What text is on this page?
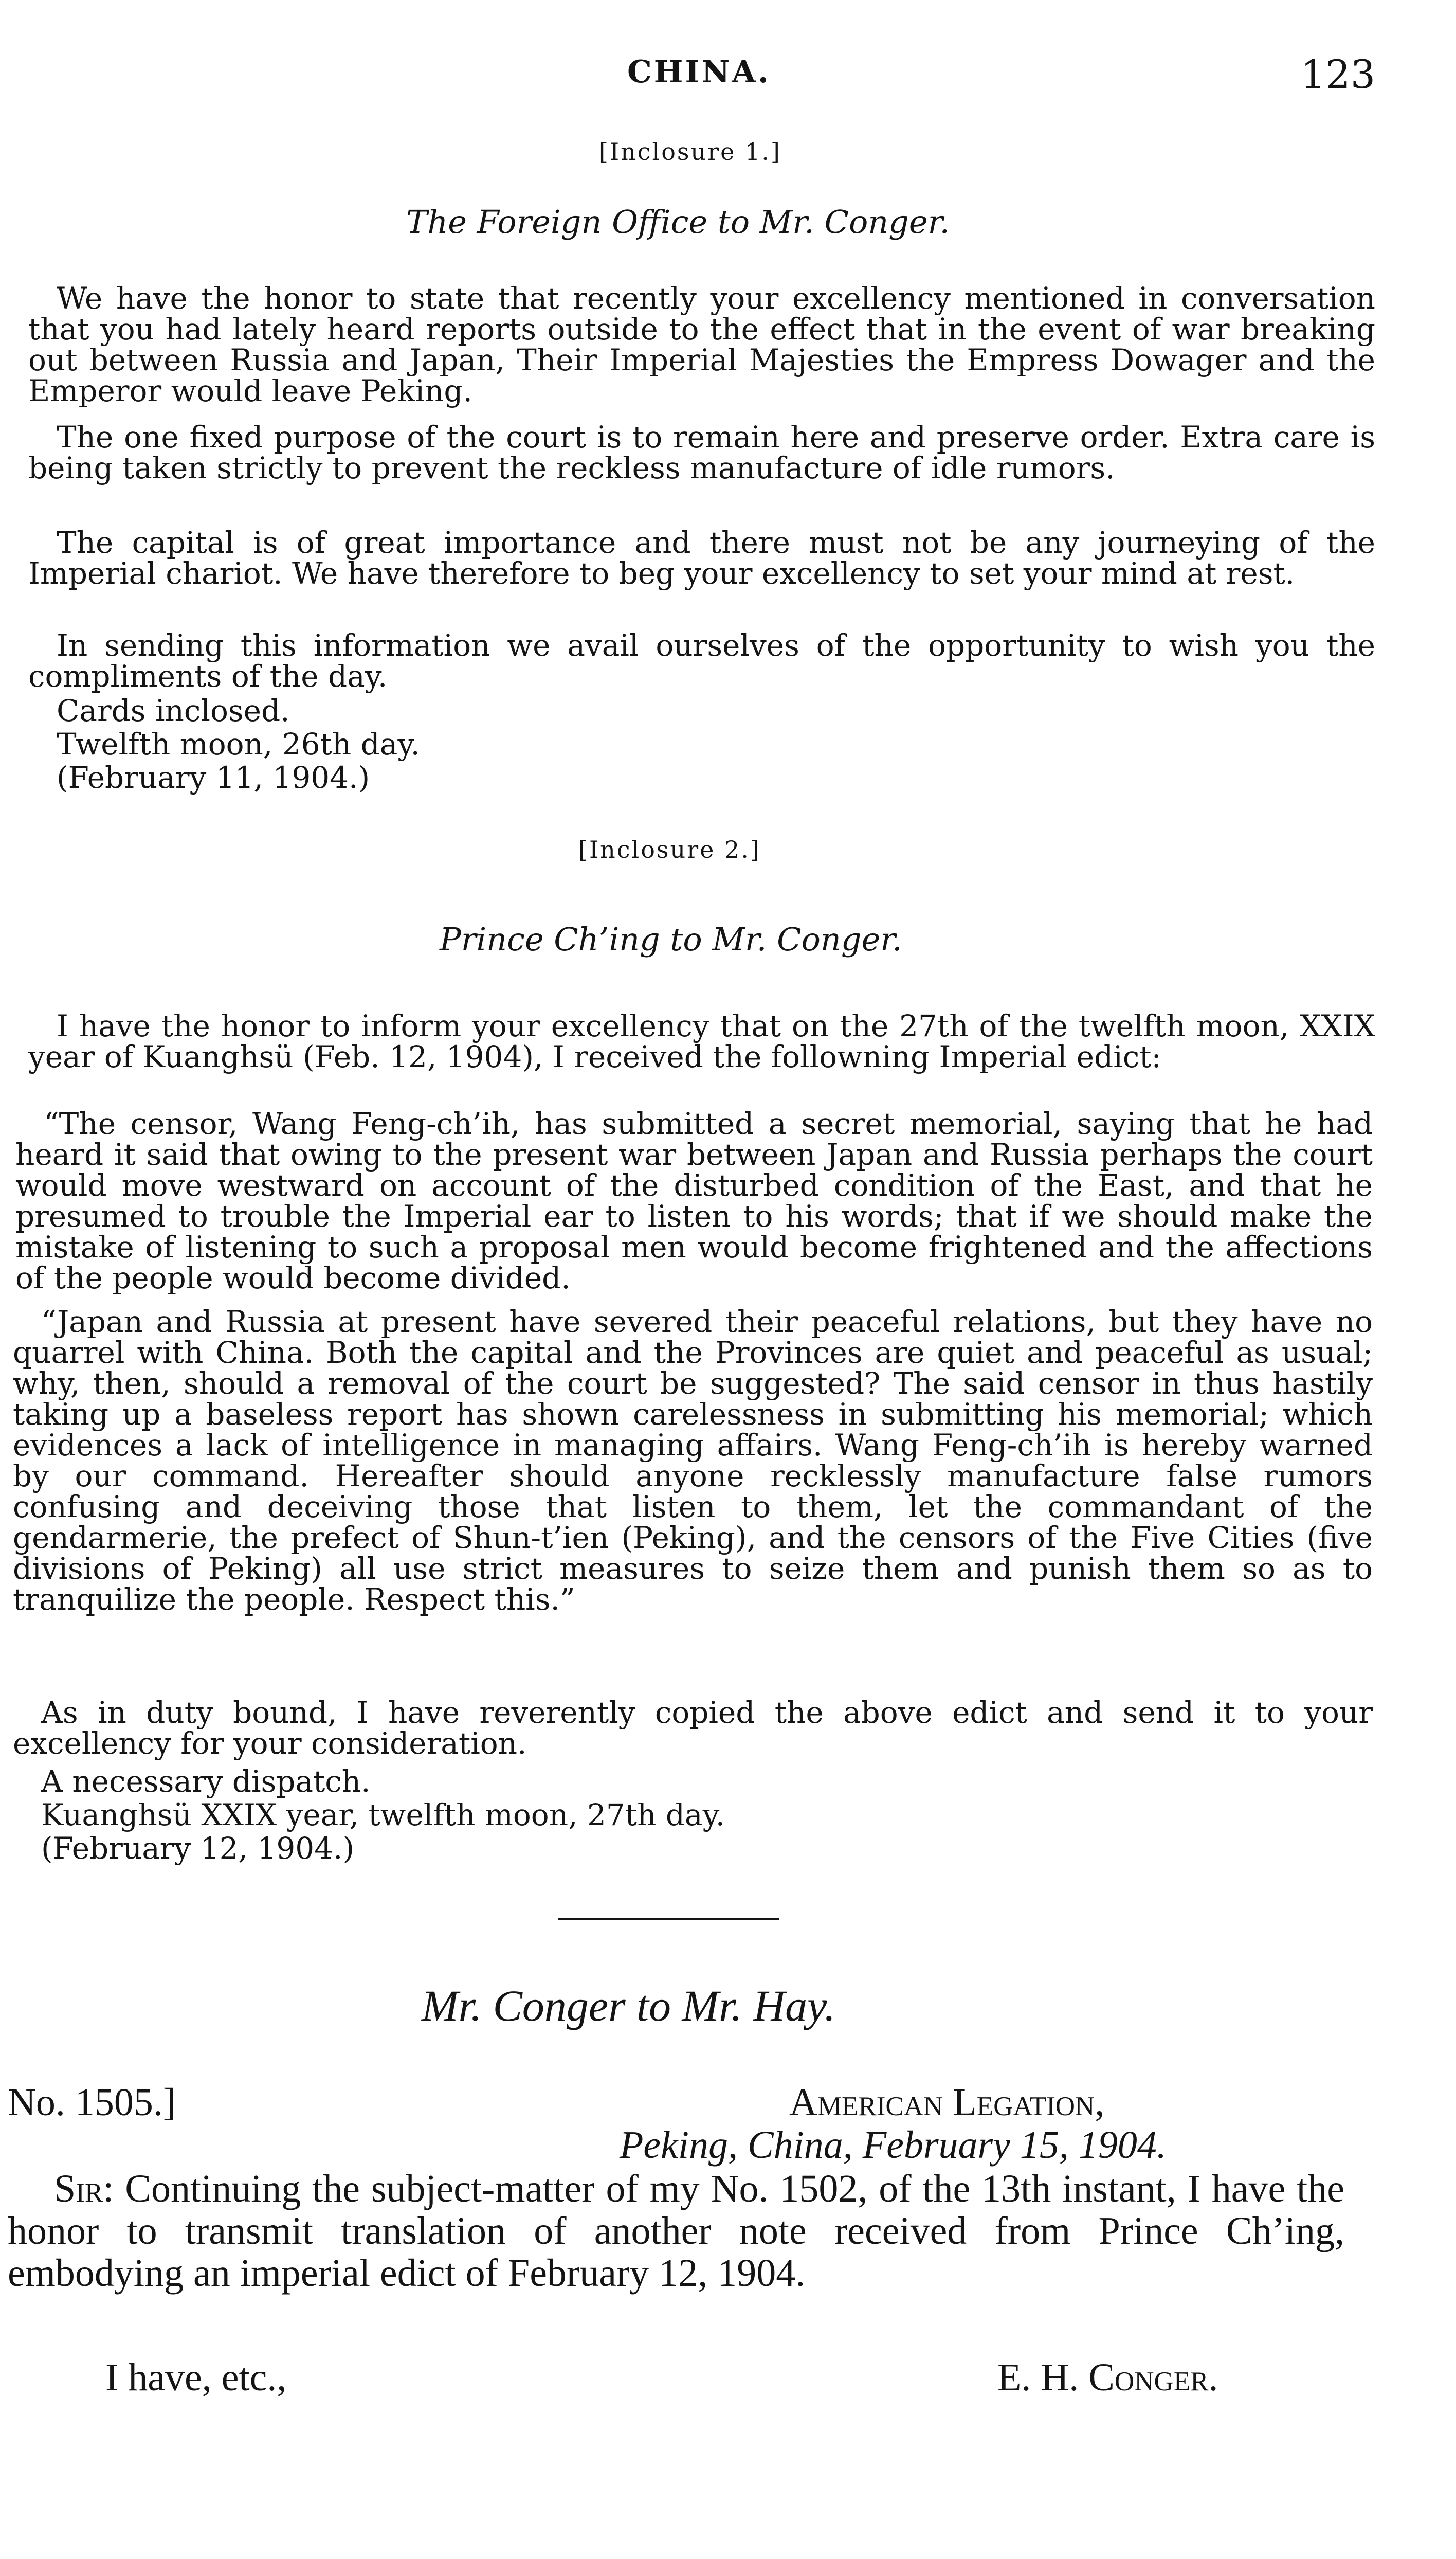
CHINA.	123
[Inclosure 1.]
The Foreign Office to Mr. Conger.
We have the honor to state that recently your excellency mentioned in conversation that you had lately heard reports outside to the effect that in the event of war breaking out between Russia and Japan, Their Imperial Majesties the Empress Dowager and the Emperor would leave Peking.
The one fixed purpose of the court is to remain here and preserve order. Extra care is being taken strictly to prevent the reckless manufacture of idle rumors.
The capital is of great importance and there must not be any journeying of the Imperial chariot. We have therefore to beg your excellency to set your mind at rest.
In sending this information we avail ourselves of the opportunity to wish you the compliments of the day.
Cards inclosed.
Twelfth moon, 26th day.
(February 11, 1904.)
[Inclosure 2.]
Prince Ch’ing to Mr. Conger.
I have the honor to inform your excellency that on the 27th of the twelfth moon, XXIX year of Kuanghsü (Feb. 12, 1904), I received the followning Imperial edict:
“The censor, Wang Feng-ch’ih, has submitted a secret memorial, saying that he had heard it said that owing to the present war between Japan and Russia perhaps the court would move westward on account of the disturbed condition of the East, and that he presumed to trouble the Imperial ear to listen to his words; that if we should make the mistake of listening to such a proposal men would become frightened and the affections of the people would become divided.
“Japan and Russia at present have severed their peaceful relations, but they have no quarrel with China. Both the capital and the Provinces are quiet and peaceful as usual; why, then, should a removal of the court be suggested? The said censor in thus hastily taking up a baseless report has shown carelessness in submitting his memorial; which evidences a lack of intelligence in managing affairs. Wang Feng-ch’ih is hereby warned by our command. Hereafter should anyone recklessly manufacture false rumors confusing and deceiving those that listen to them, let the commandant of the gendarmerie, the prefect of Shun-t’ien (Peking), and the censors of the Five Cities (five divisions of Peking) all use strict measures to seize them and punish them so as to tranquilize the people. Respect this.”
As in duty bound, I have reverently copied the above edict and send it to your excellency for your consideration.
A necessary dispatch.
Kuanghsü XXIX year, twelfth moon, 27th day.
(February 12, 1904.)
Mr. Conger to Mr. Hay.
No. 1505.]	American Legation,
Peking, China, February 15, 1904.
Sir: Continuing the subject-matter of my No. 1502, of the 13th instant, I have the honor to transmit translation of another note received from Prince Ch’ing, embodying an imperial edict of February 12, 1904.
I have, etc.,	E. H. Conger.
